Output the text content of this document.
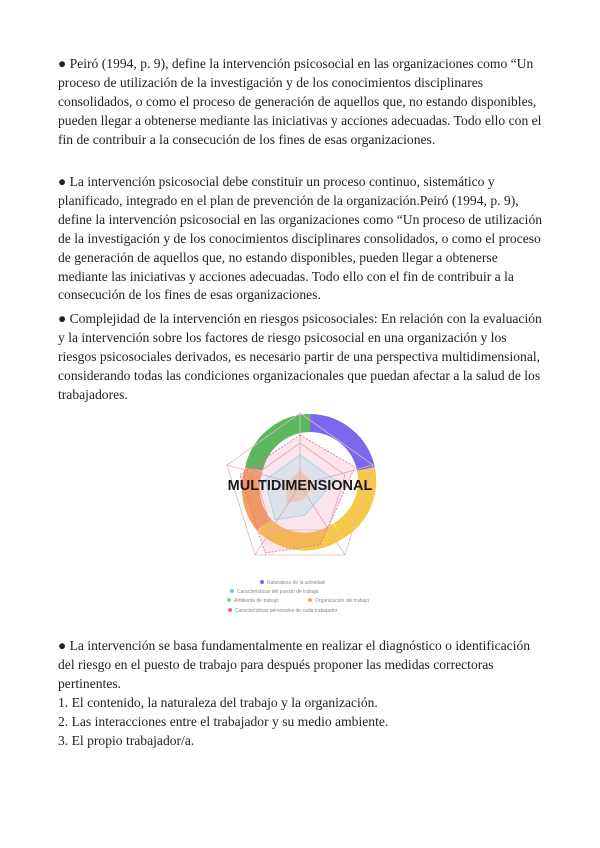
● Peiró (1994, p. 9), define la intervención psicosocial en las organizaciones como “Un proceso de utilización de la investigación y de los conocimientos disciplinares consolidados, o como el proceso de generación de aquellos que, no estando disponibles, pueden llegar a obtenerse mediante las iniciativas y acciones adecuadas. Todo ello con el fin de contribuir a la consecución de los fines de esas organizaciones.

● La intervención psicosocial debe constituir un proceso continuo, sistemático y planificado, integrado en el plan de prevención de la organización.Peiró (1994, p. 9), define la intervención psicosocial en las organizaciones como “Un proceso de utilización de la investigación y de los conocimientos disciplinares consolidados, o como el proceso de generación de aquellos que, no estando disponibles, pueden llegar a obtenerse mediante las iniciativas y acciones adecuadas. Todo ello con el fin de contribuir a la consecución de los fines de esas organizaciones.

● Complejidad de la intervención en riesgos psicosociales: En relación con la evaluación y la intervención sobre los factores de riesgo psicosocial en una organización y los riesgos psicosociales derivados, es necesario partir de una perspectiva multidimensional, considerando todas las condiciones organizacionales que puedan afectar a la salud de los trabajadores.

MULTIDIMENSIONAL
Naturaleza de la actividad
Características del puesto de trabajo
Ambiente de trabajo	Organización del trabajo
Características personales de cada trabajador

● La intervención se basa fundamentalmente en realizar el diagnóstico o identificación del riesgo en el puesto de trabajo para después proponer las medidas correctoras pertinentes.

1. El contenido, la naturaleza del trabajo y la organización.

2. Las interacciones entre el trabajador y su medio ambiente.

3. El propio trabajador/a.
